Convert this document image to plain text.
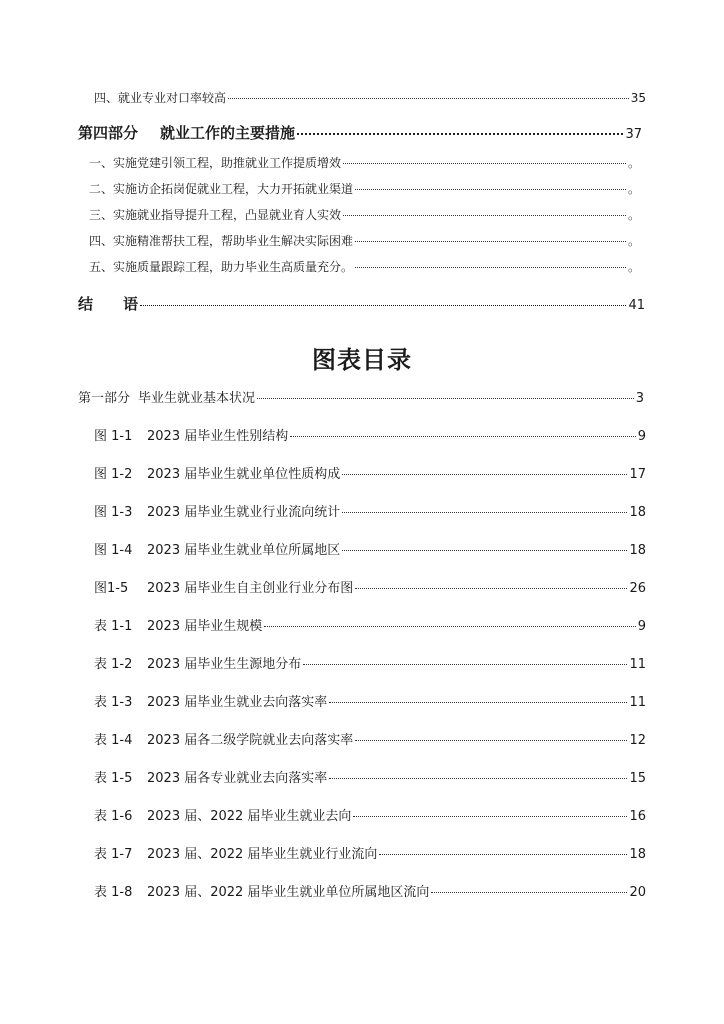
四、就业专业对口率较高	35
第四部分 就业工作的主要措施	37
一、实施党建引领工程，助推就业工作提质增效	。
二、实施访企拓岗促就业工程，大力开拓就业渠道	。
三、实施就业指导提升工程，凸显就业育人实效	。
四、实施精准帮扶工程，帮助毕业生解决实际困难	。
五、实施质量跟踪工程，助力毕业生高质量充分。	。
结 语	41
图表目录
第一部分 毕业生就业基本状况	3
图 1-1	2023 届毕业生性别结构	9
图 1-2	2023 届毕业生就业单位性质构成	17
图 1-3	2023 届毕业生就业行业流向统计	18
图 1-4	2023 届毕业生就业单位所属地区	18
图1-5	2023 届毕业生自主创业行业分布图	26
表 1-1	2023 届毕业生规模	9
表 1-2	2023 届毕业生生源地分布	11
表 1-3	2023 届毕业生就业去向落实率	11
表 1-4	2023 届各二级学院就业去向落实率	12
表 1-5	2023 届各专业就业去向落实率	15
表 1-6	2023 届、2022 届毕业生就业去向	16
表 1-7	2023 届、2022 届毕业生就业行业流向	18
表 1-8	2023 届、2022 届毕业生就业单位所属地区流向	20
